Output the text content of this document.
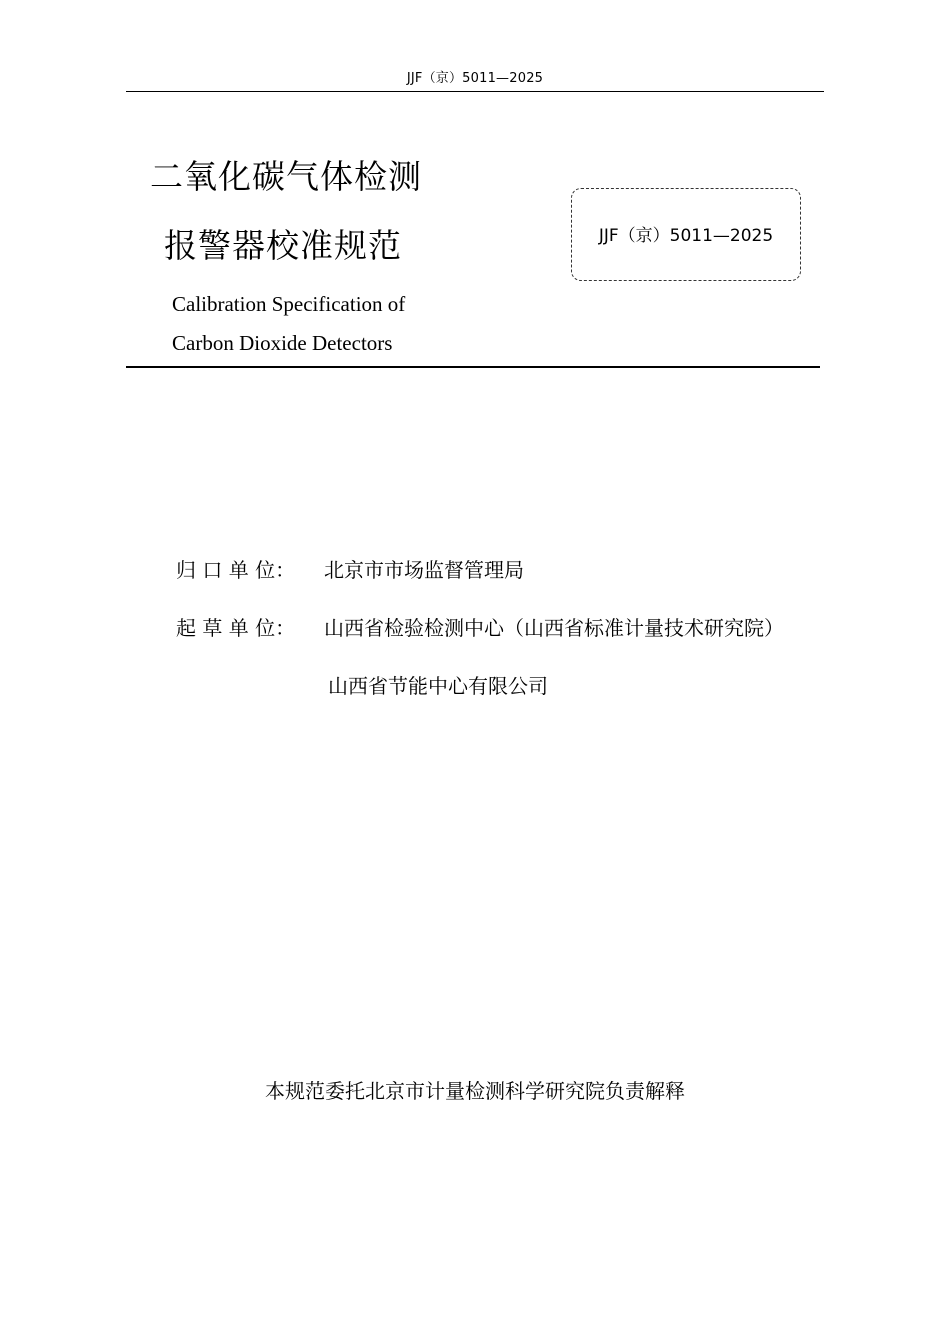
JJF（京）5011—2025
二氧化碳气体检测
报警器校准规范
Calibration Specification of
Carbon Dioxide Detectors
JJF（京）5011—2025
归 口 单 位： 北京市市场监督管理局
起 草 单 位： 山西省检验检测中心（山西省标准计量技术研究院）
山西省节能中心有限公司
本规范委托北京市计量检测科学研究院负责解释
